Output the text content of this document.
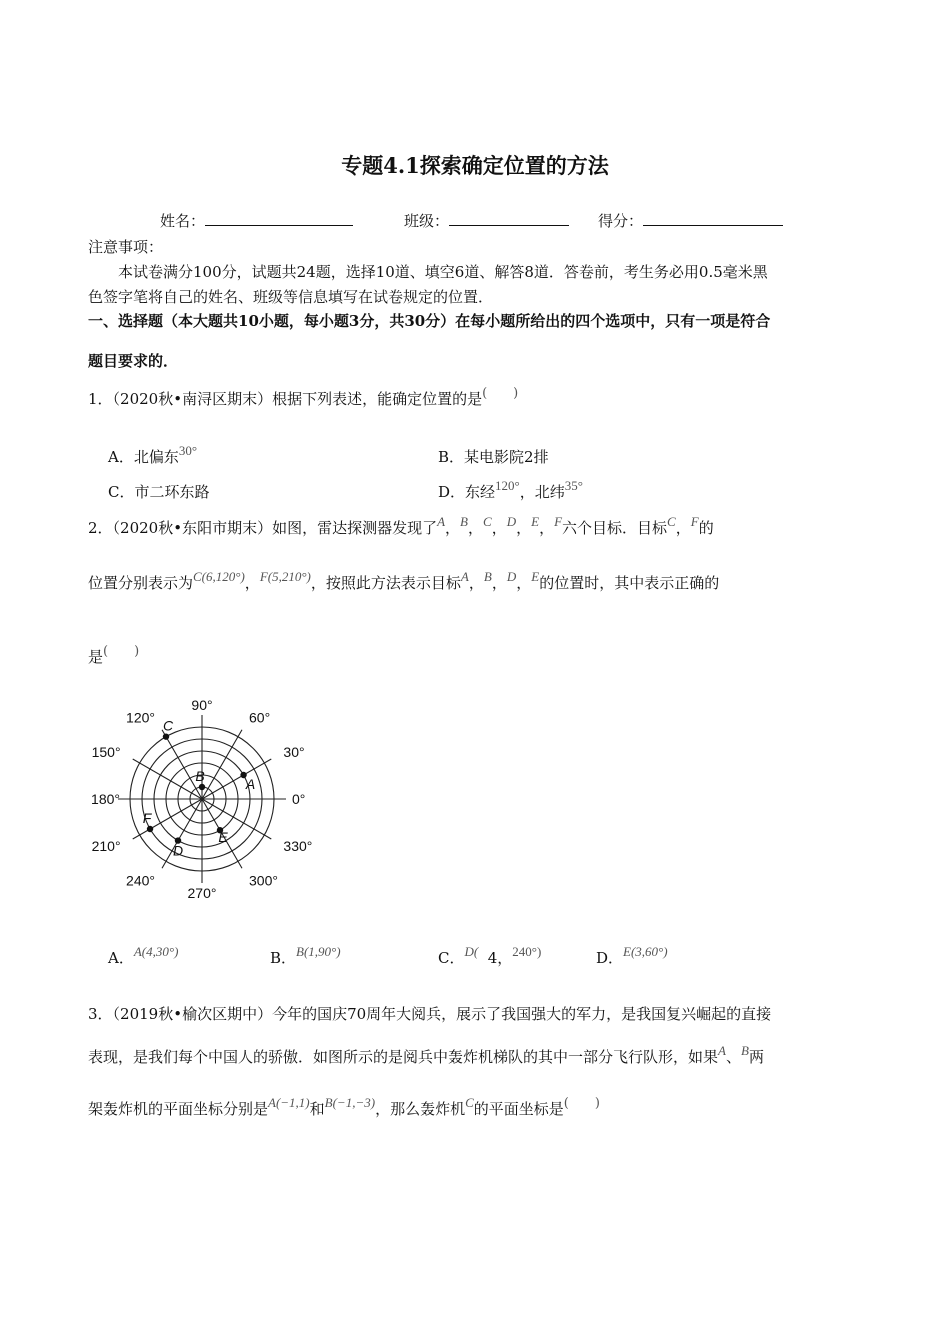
专题4.1探索确定位置的方法
姓名：	班级：	得分：
注意事项：
本试卷满分100分，试题共24题，选择10道、填空6道、解答8道．答卷前，考生务必用0.5毫米黑
色签字笔将自己的姓名、班级等信息填写在试卷规定的位置．
一、选择题（本大题共10小题，每小题3分，共30分）在每小题所给出的四个选项中，只有一项是符合
题目要求的．
1．（2020秋•南浔区期末）根据下列表述，能确定位置的是(　　)
A．北偏东30°	B．某电影院2排
C．市二环东路	D．东经120°，北纬35°
2．（2020秋•东阳市期末）如图，雷达探测器发现了A，B，C，D，E，F六个目标．目标C，F的
位置分别表示为C(6,120°)，F(5,210°)，按照此方法表示目标A，B，D，E的位置时，其中表示正确的
是(　　)
0°
30°
60°
90°
120°
150°
180°
210°
240°
270°
300°
330°
A
B
C
D
E
F
A．A(4,30°)	B．B(1,90°)	C．D( 4，240°)	D．E(3,60°)
3．（2019秋•榆次区期中）今年的国庆70周年大阅兵，展示了我国强大的军力，是我国复兴崛起的直接
表现，是我们每个中国人的骄傲．如图所示的是阅兵中轰炸机梯队的其中一部分飞行队形，如果A、B两
架轰炸机的平面坐标分别是A(−1,1)和B(−1,−3)，那么轰炸机C的平面坐标是(　　)
